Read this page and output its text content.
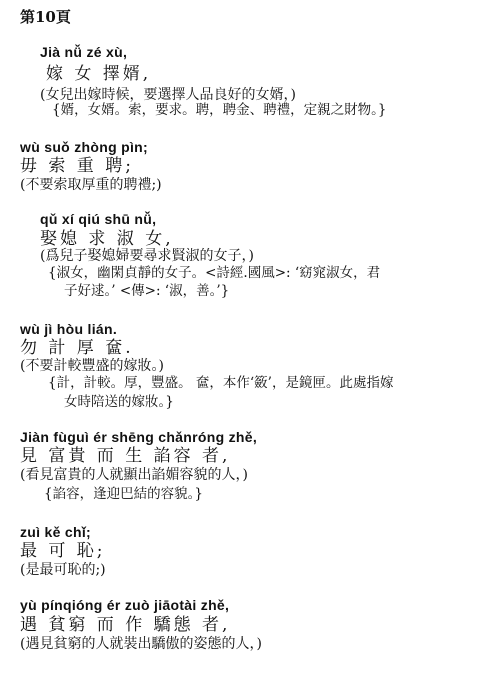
第10頁
Jià nǚ zé xù,
嫁 女 擇婿,
(女兒出嫁時候，要選擇人品良好的女婿，)
{婿，女婿。索，要求。聘，聘金、聘禮，定親之財物。}
wù suǒ zhòng pìn;
毋 索 重 聘;
(不要索取厚重的聘禮;)
qǔ xí qiú shū nǚ,
娶媳 求 淑 女,
(爲兒子娶媳婦要尋求賢淑的女子，)
{淑女，幽閑貞靜的女子。<詩經.國風>: ‘窈窕淑女，君
子好逑。’ <傳>: ‘淑，善。’}
wù jì hòu lián.
勿 計 厚 奩.
(不要計較豐盛的嫁妝。)
{計，計較。厚，豐盛。 奩，本作‘籢’，是鏡匣。此處指嫁
女時陪送的嫁妝。}
Jiàn fùguì ér shēng chǎnróng zhě,
見 富貴 而 生 諂容 者,
(看見富貴的人就顯出諂媚容貌的人，)
{諂容，逢迎巴結的容貌。}
zuì kě chǐ;
最 可 恥;
(是最可恥的;)
yù pínqióng ér zuò jiāotài zhě,
遇 貧窮 而 作 驕態 者,
(遇見貧窮的人就裝出驕傲的姿態的人，)
